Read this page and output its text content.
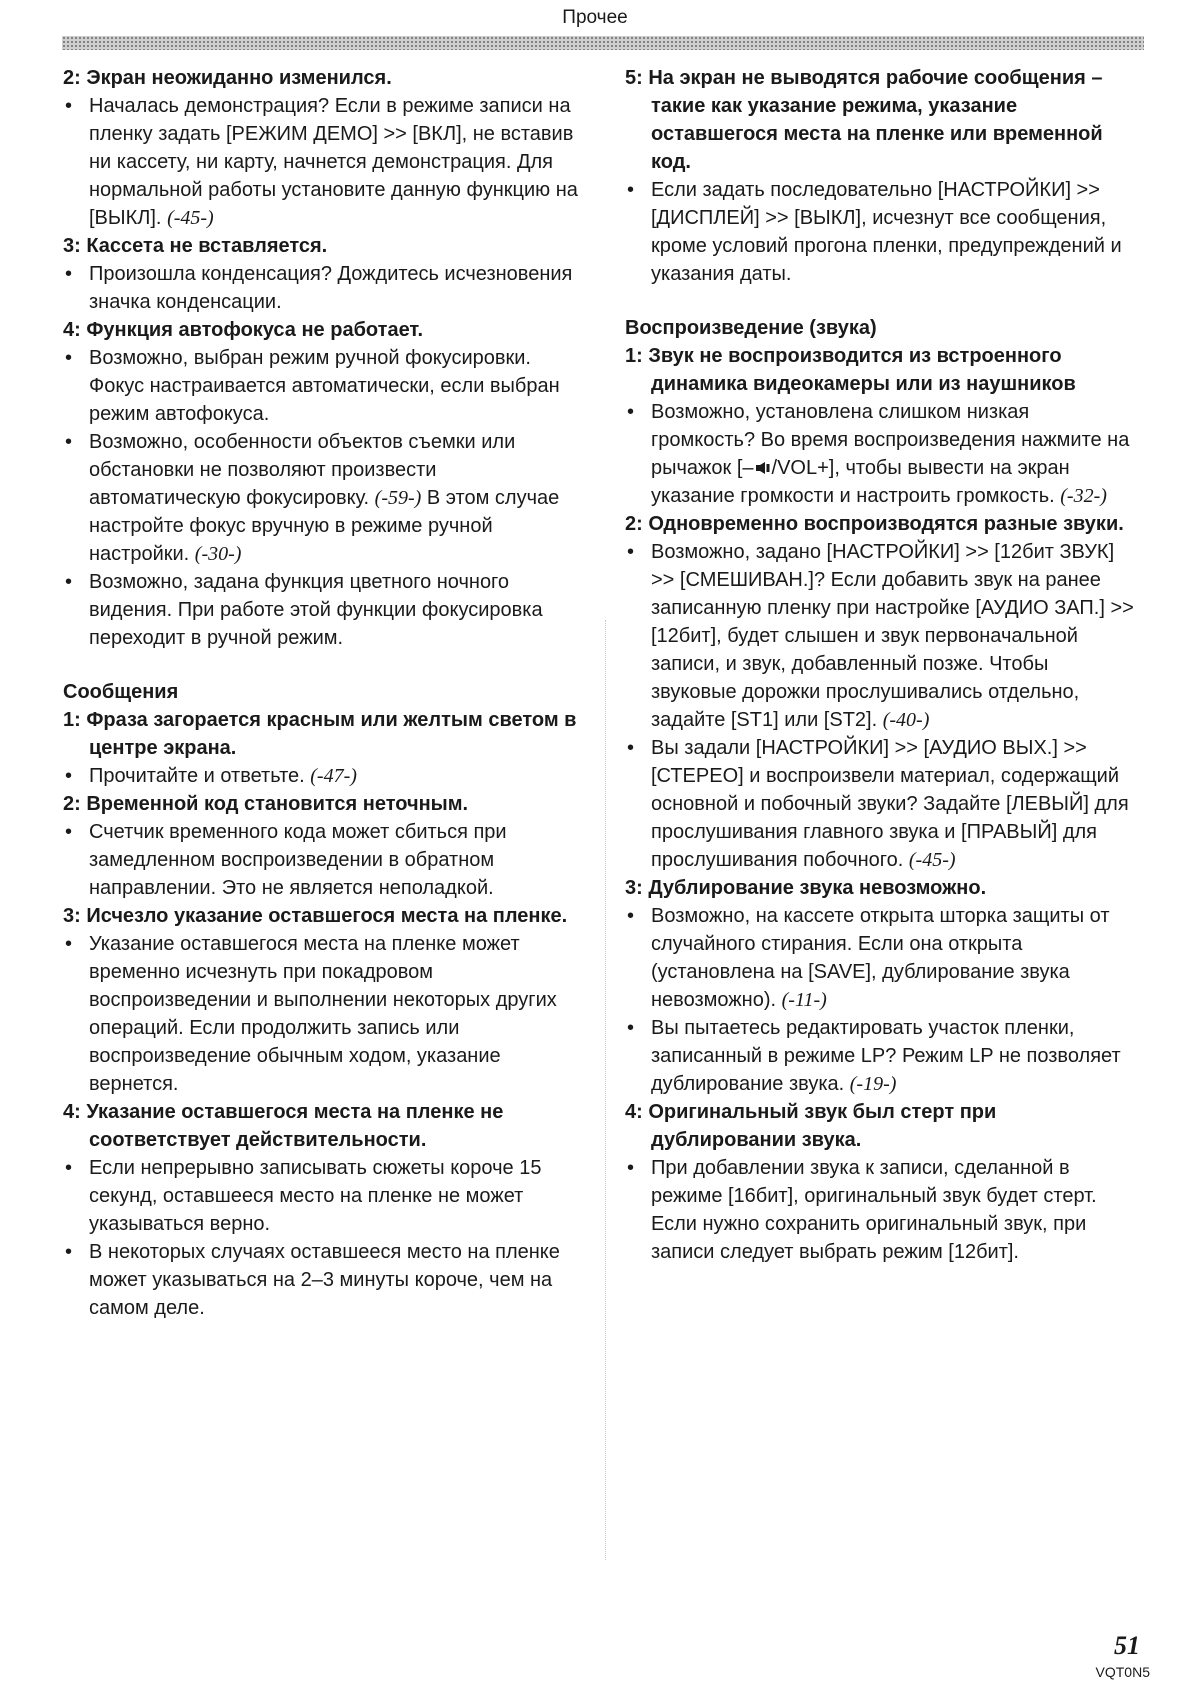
Прочее

2: Экран неожиданно изменился.

• Началась демонстрация? Если в режиме записи на пленку задать [РЕЖИМ ДЕМО] >> [ВКЛ], не вставив ни кассету, ни карту, начнется демонстрация. Для нормальной работы установите данную функцию на [ВЫКЛ]. (-45-)

3: Кассета не вставляется.

• Произошла конденсация? Дождитесь исчезновения значка конденсации.

4: Функция автофокуса не работает.

• Возможно, выбран режим ручной фокусировки. Фокус настраивается автоматически, если выбран режим автофокуса.

• Возможно, особенности объектов съемки или обстановки не позволяют произвести автоматическую фокусировку. (-59-) В этом случае настройте фокус вручную в режиме ручной настройки. (-30-)

• Возможно, задана функция цветного ночного видения. При работе этой функции фокусировка переходит в ручной режим.

Сообщения

1: Фраза загорается красным или желтым светом в центре экрана.

• Прочитайте и ответьте. (-47-)

2: Временной код становится неточным.

• Счетчик временного кода может сбиться при замедленном воспроизведении в обратном направлении. Это не является неполадкой.

3: Исчезло указание оставшегося места на пленке.

• Указание оставшегося места на пленке может временно исчезнуть при покадровом воспроизведении и выполнении некоторых других операций. Если продолжить запись или воспроизведение обычным ходом, указание вернется.

4: Указание оставшегося места на пленке не соответствует действительности.

• Если непрерывно записывать сюжеты короче 15 секунд, оставшееся место на пленке не может указываться верно.

• В некоторых случаях оставшееся место на пленке может указываться на 2–3 минуты короче, чем на самом деле.

5: На экран не выводятся рабочие сообщения – такие как указание режима, указание оставшегося места на пленке или временной код.

• Если задать последовательно [НАСТРОЙКИ] >> [ДИСПЛЕЙ] >> [ВЫКЛ], исчезнут все сообщения, кроме условий прогона пленки, предупреждений и указания даты.

Воспроизведение (звука)

1: Звук не воспроизводится из встроенного динамика видеокамеры или из наушников

• Возможно, установлена слишком низкая громкость? Во время воспроизведения нажмите на рычажок [– /VOL+], чтобы вывести на экран указание громкости и настроить громкость. (-32-)

2: Одновременно воспроизводятся разные звуки.

• Возможно, задано [НАСТРОЙКИ] >> [12бит ЗВУК] >> [СМЕШИВАН.]? Если добавить звук на ранее записанную пленку при настройке [АУДИО ЗАП.] >> [12бит], будет слышен и звук первоначальной записи, и звук, добавленный позже. Чтобы звуковые дорожки прослушивались отдельно, задайте [ST1] или [ST2]. (-40-)

• Вы задали [НАСТРОЙКИ] >> [АУДИО ВЫХ.] >> [СТЕРЕО] и воспроизвели материал, содержащий основной и побочный звуки? Задайте [ЛЕВЫЙ] для прослушивания главного звука и [ПРАВЫЙ] для прослушивания побочного. (-45-)

3: Дублирование звука невозможно.

• Возможно, на кассете открыта шторка защиты от случайного стирания. Если она открыта (установлена на [SAVE], дублирование звука невозможно). (-11-)

• Вы пытаетесь редактировать участок пленки, записанный в режиме LP? Режим LP не позволяет дублирование звука. (-19-)

4: Оригинальный звук был стерт при дублировании звука.

• При добавлении звука к записи, сделанной в режиме [16бит], оригинальный звук будет стерт. Если нужно сохранить оригинальный звук, при записи следует выбрать режим [12бит].

51
VQT0N5
